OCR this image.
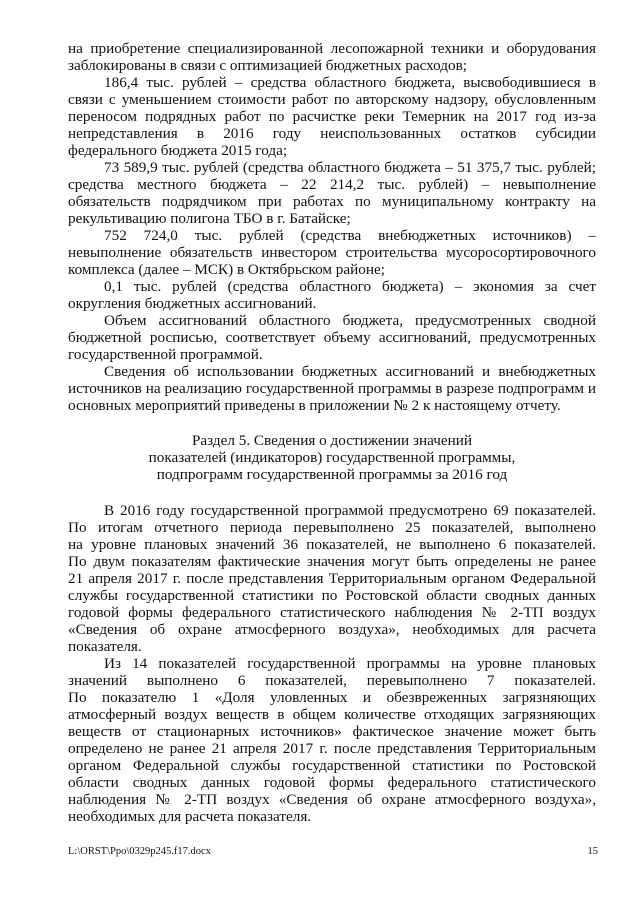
на приобретение специализированной лесопожарной техники и оборудования
заблокированы в связи с оптимизацией бюджетных расходов;
186,4 тыс. рублей – средства областного бюджета, высвободившиеся в
связи с уменьшением стоимости работ по авторскому надзору, обусловленным
переносом подрядных работ по расчистке реки Темерник на 2017 год из-за
непредставления в 2016 году неиспользованных остатков субсидии
федерального бюджета 2015 года;
73 589,9 тыс. рублей (средства областного бюджета – 51 375,7 тыс. рублей;
средства местного бюджета – 22 214,2 тыс. рублей) – невыполнение
обязательств подрядчиком при работах по муниципальному контракту на
рекультивацию полигона ТБО в г. Батайске;
752 724,0 тыс. рублей (средства внебюджетных источников) –
невыполнение обязательств инвестором строительства мусоросортировочного
комплекса (далее – МСК) в Октябрьском районе;
0,1 тыс. рублей (средства областного бюджета) – экономия за счет
округления бюджетных ассигнований.
Объем ассигнований областного бюджета, предусмотренных сводной
бюджетной росписью, соответствует объему ассигнований, предусмотренных
государственной программой.
Сведения об использовании бюджетных ассигнований и внебюджетных
источников на реализацию государственной программы в разрезе подпрограмм и
основных мероприятий приведены в приложении № 2 к настоящему отчету.
Раздел 5. Сведения о достижении значений
показателей (индикаторов) государственной программы,
подпрограмм государственной программы за 2016 год
В 2016 году государственной программой предусмотрено 69 показателей.
По итогам отчетного периода перевыполнено 25 показателей, выполнено
на уровне плановых значений 36 показателей, не выполнено 6 показателей.
По двум показателям фактические значения могут быть определены не ранее
21 апреля 2017 г. после представления Территориальным органом Федеральной
службы государственной статистики по Ростовской области сводных данных
годовой формы федерального статистического наблюдения № 2-ТП воздух
«Сведения об охране атмосферного воздуха», необходимых для расчета
показателя.
Из 14 показателей государственной программы на уровне плановых
значений выполнено 6 показателей, перевыполнено 7 показателей.
По показателю 1 «Доля уловленных и обезвреженных загрязняющих
атмосферный воздух веществ в общем количестве отходящих загрязняющих
веществ от стационарных источников» фактическое значение может быть
определено не ранее 21 апреля 2017 г. после представления Территориальным
органом Федеральной службы государственной статистики по Ростовской
области сводных данных годовой формы федерального статистического
наблюдения № 2-ТП воздух «Сведения об охране атмосферного воздуха»,
необходимых для расчета показателя.
L:\ORST\Ppo\0329p245.f17.docx	15
